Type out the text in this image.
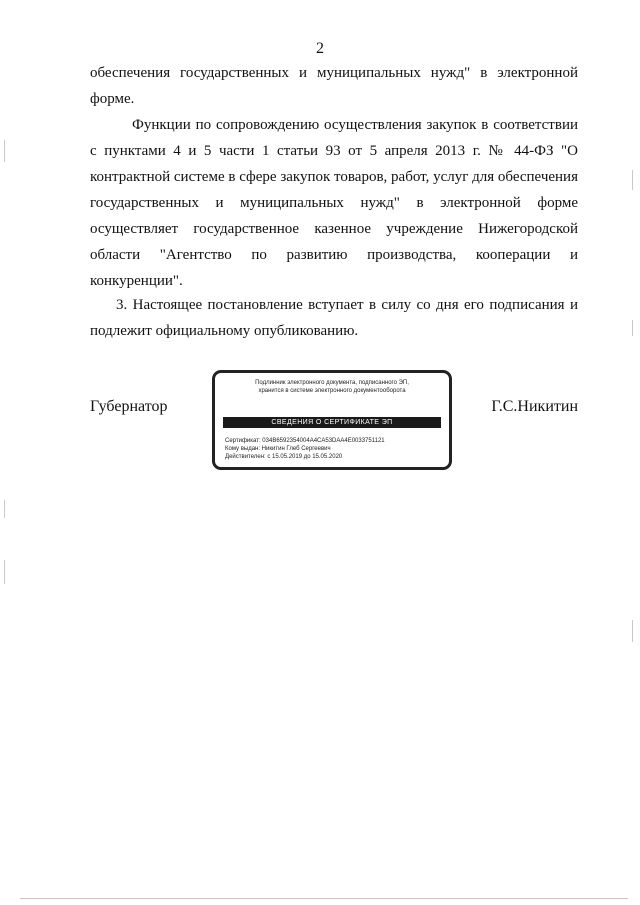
2

обеспечения государственных и муниципальных нужд" в электронной форме.

Функции по сопровождению осуществления закупок в соответствии с пунктами 4 и 5 части 1 статьи 93 от 5 апреля 2013 г. № 44-ФЗ "О контрактной системе в сфере закупок товаров, работ, услуг для обеспечения государственных и муниципальных нужд" в электронной форме осуществляет государственное казенное учреждение Нижегородской области "Агентство по развитию производства, кооперации и конкуренции".

3. Настоящее постановление вступает в силу со дня его подписания и подлежит официальному опубликованию.

Губернатор
Подлинник электронного документа, подписанного ЭП,
хранится в системе электронного документооборота
СВЕДЕНИЯ О СЕРТИФИКАТЕ ЭП
Сертификат: 034B6592354004A4CA53DAA4E0033751121
Кому выдан: Никитин Глеб Сергеевич
Действителен: с 15.05.2019 до 15.05.2020
Г.С.Никитин
